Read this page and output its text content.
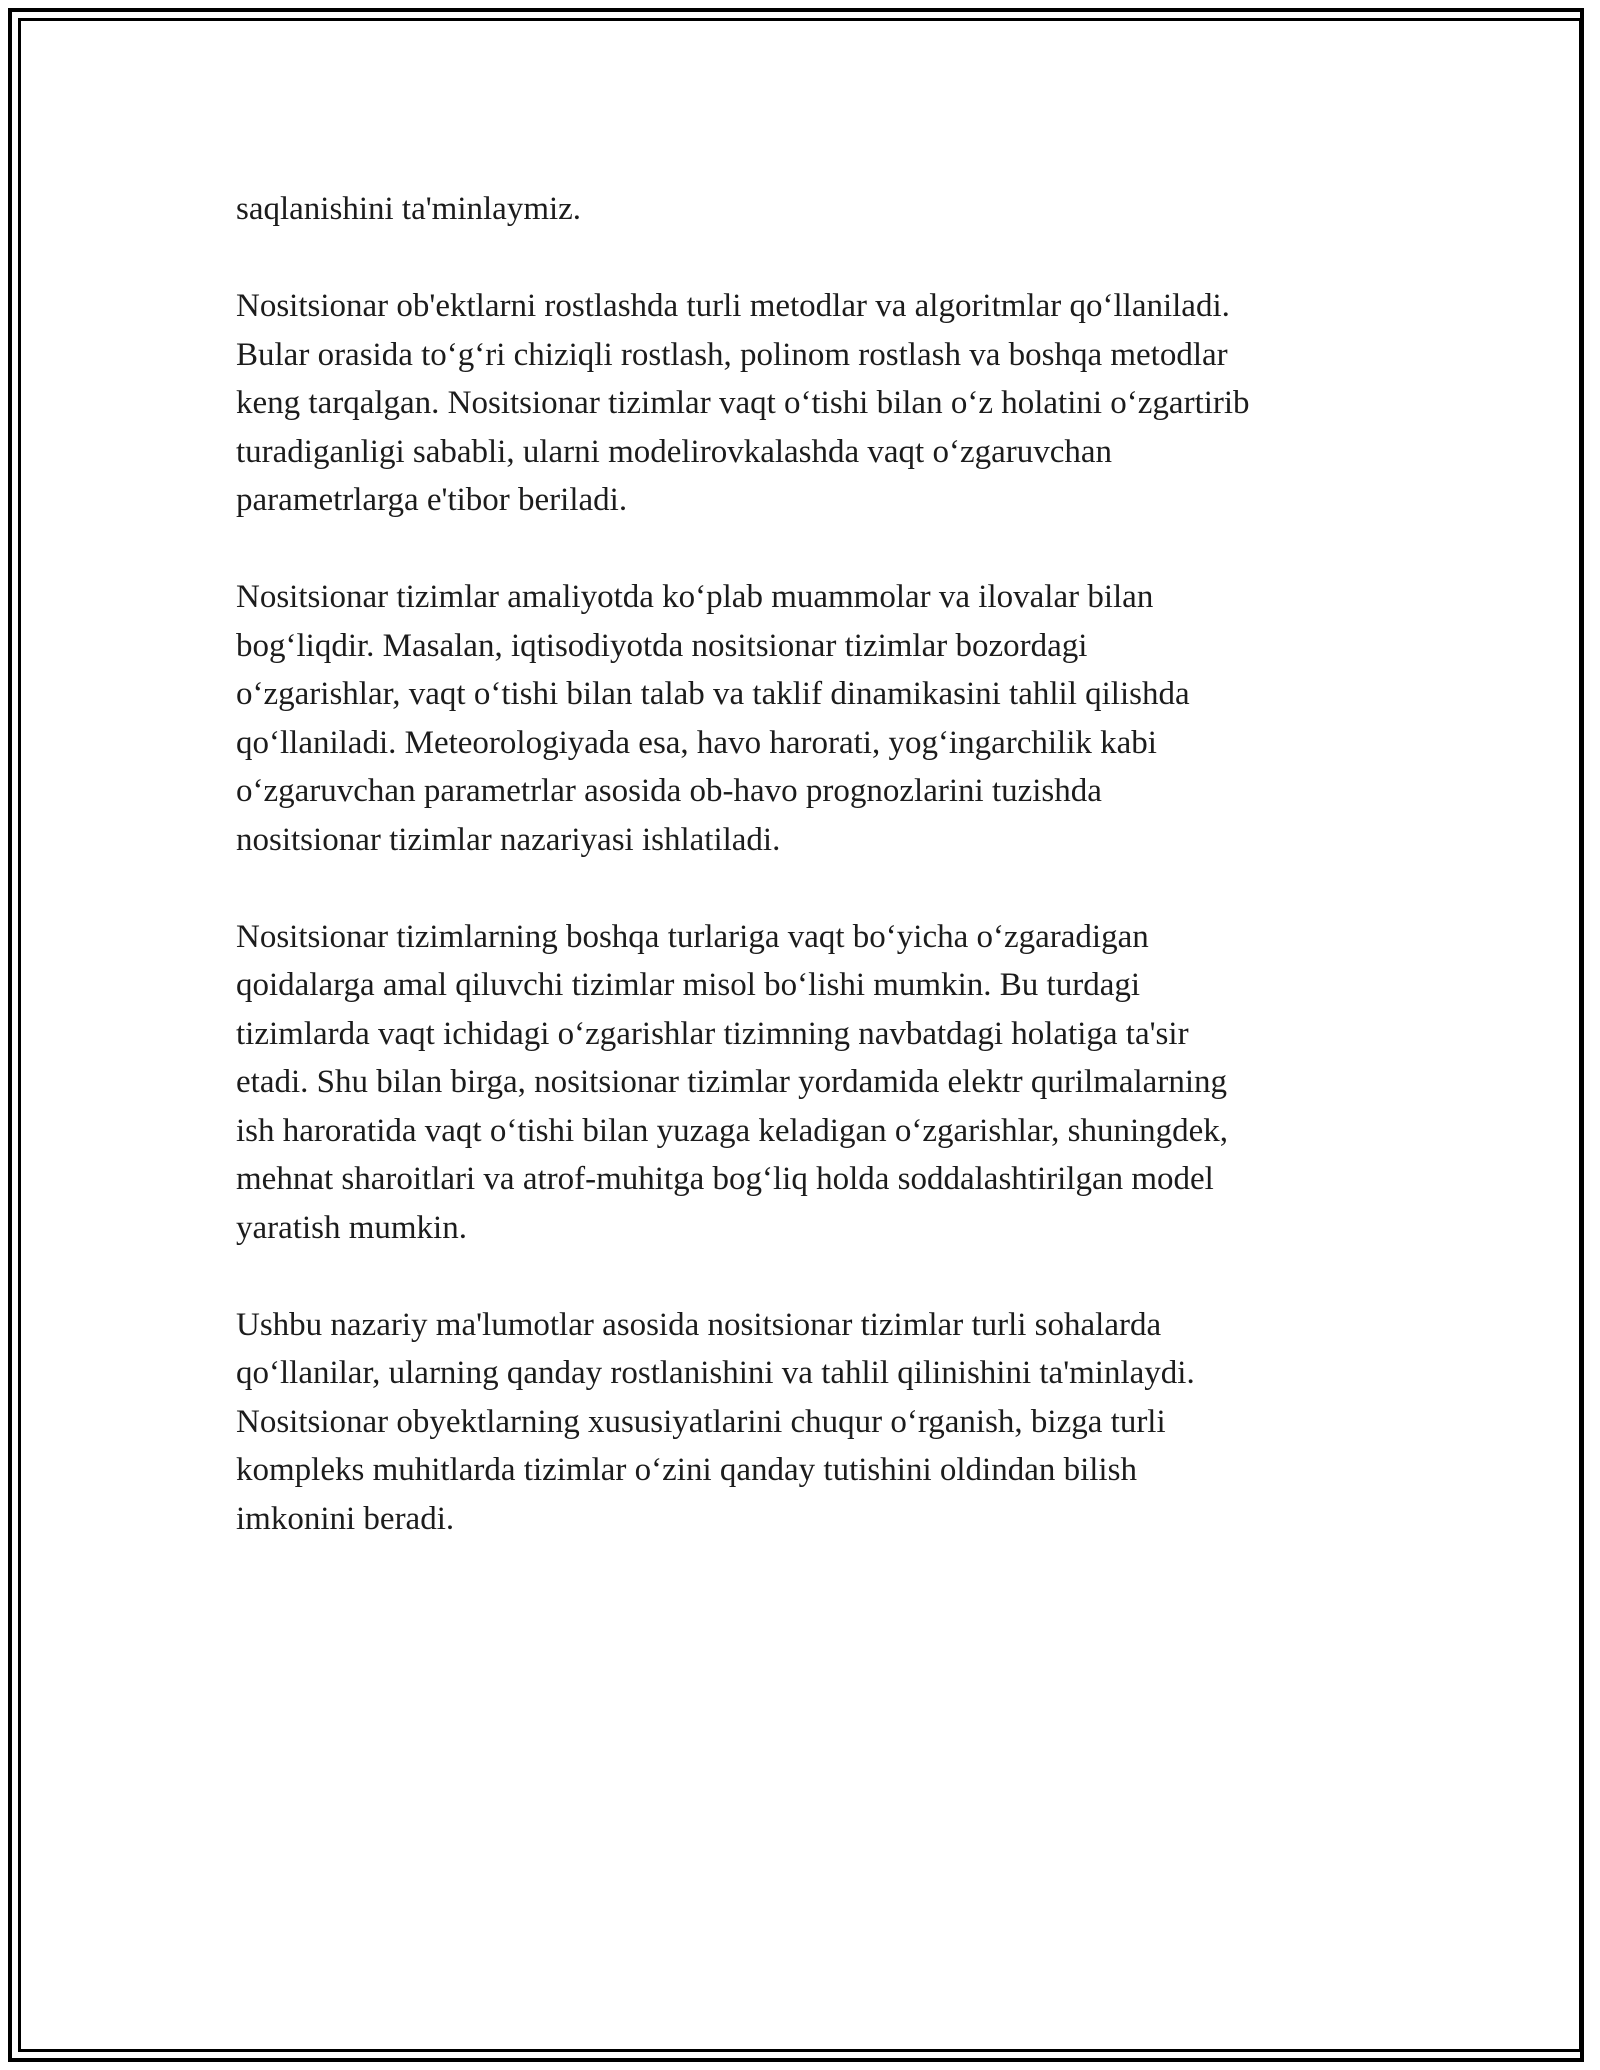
saqlanishini ta'minlaymiz.

Nositsionar ob'ektlarni rostlashda turli metodlar va algoritmlar qo‘llaniladi.
Bular orasida to‘g‘ri chiziqli rostlash, polinom rostlash va boshqa metodlar
keng tarqalgan. Nositsionar tizimlar vaqt o‘tishi bilan o‘z holatini o‘zgartirib
turadiganligi sababli, ularni modelirovkalashda vaqt o‘zgaruvchan
parametrlarga e'tibor beriladi.

Nositsionar tizimlar amaliyotda ko‘plab muammolar va ilovalar bilan
bog‘liqdir. Masalan, iqtisodiyotda nositsionar tizimlar bozordagi
o‘zgarishlar, vaqt o‘tishi bilan talab va taklif dinamikasini tahlil qilishda
qo‘llaniladi. Meteorologiyada esa, havo harorati, yog‘ingarchilik kabi
o‘zgaruvchan parametrlar asosida ob-havo prognozlarini tuzishda
nositsionar tizimlar nazariyasi ishlatiladi.

Nositsionar tizimlarning boshqa turlariga vaqt bo‘yicha o‘zgaradigan
qoidalarga amal qiluvchi tizimlar misol bo‘lishi mumkin. Bu turdagi
tizimlarda vaqt ichidagi o‘zgarishlar tizimning navbatdagi holatiga ta'sir
etadi. Shu bilan birga, nositsionar tizimlar yordamida elektr qurilmalarning
ish haroratida vaqt o‘tishi bilan yuzaga keladigan o‘zgarishlar, shuningdek,
mehnat sharoitlari va atrof-muhitga bog‘liq holda soddalashtirilgan model
yaratish mumkin.

Ushbu nazariy ma'lumotlar asosida nositsionar tizimlar turli sohalarda
qo‘llanilar, ularning qanday rostlanishini va tahlil qilinishini ta'minlaydi.
Nositsionar obyektlarning xususiyatlarini chuqur o‘rganish, bizga turli
kompleks muhitlarda tizimlar o‘zini qanday tutishini oldindan bilish
imkonini beradi.
